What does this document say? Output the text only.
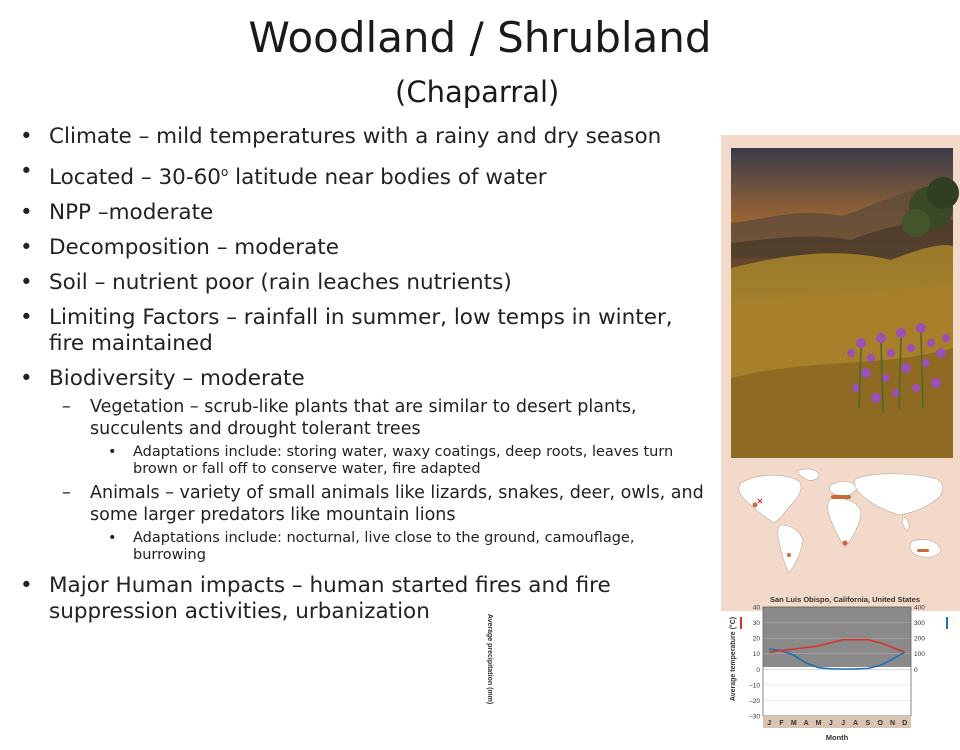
Woodland / Shrubland
(Chaparral)
• Climate – mild temperatures with a rainy and dry season
• Located – 30-60$^o$ latitude near bodies of water
• NPP –moderate
• Decomposition – moderate
• Soil – nutrient poor (rain leaches nutrients)
• Limiting Factors – rainfall in summer, low temps in winter, fire maintained
• Biodiversity – moderate
– Vegetation – scrub-like plants that are similar to desert plants, succulents and drought tolerant trees
• Adaptations include: storing water, waxy coatings, deep roots, leaves turn brown or fall off to conserve water, fire adapted
– Animals – variety of small animals like lizards, snakes, deer, owls, and some larger predators like mountain lions
• Adaptations include: nocturnal, live close to the ground, camouflage, burrowing
• Major Human impacts – human started fires and fire suppression activities, urbanization	San Luis Obispo, California, United States
40
30
20
10
0
–10
–20
–30
400
300
200
100
0
J F M A M J J A S O N D
Month
Average temperature (°C)
Average precipitation (mm)
